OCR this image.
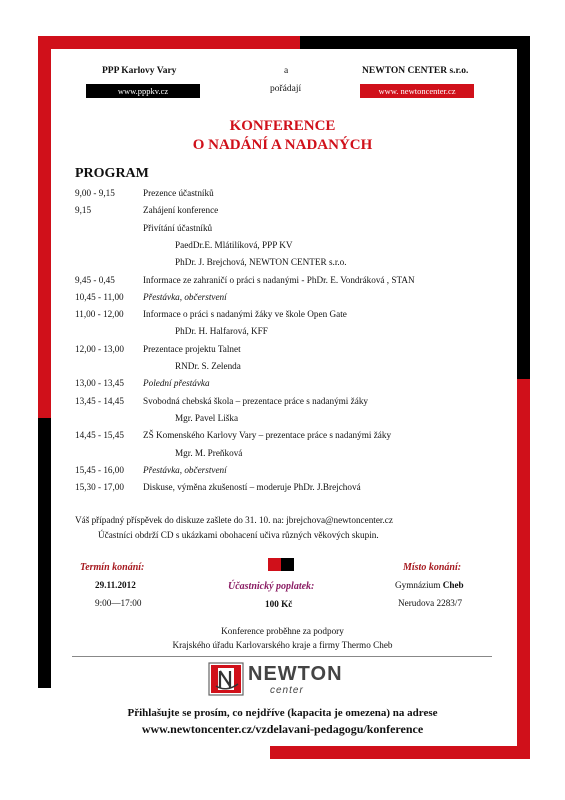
PPP Karlovy Vary	a	NEWTON CENTER s.r.o.
www.pppkv.cz	pořádají	www. newtoncenter.cz
KONFERENCE
O NADÁNÍ A NADANÝCH
PROGRAM
9,00 - 9,15	Prezence účastníků
9,15	Zahájení konference
Přivítání účastníků
PaedDr.E. Mlátilíková, PPP KV
PhDr. J. Brejchová, NEWTON CENTER s.r.o.
9,45 - 0,45	Informace ze zahraničí o práci s nadanými - PhDr. E. Vondráková , STAN
10,45 - 11,00	Přestávka, občerstvení
11,00 - 12,00	Informace o práci s nadanými žáky ve škole Open Gate
PhDr. H. Halfarová, KFF
12,00 - 13,00	Prezentace projektu Talnet
RNDr. S. Zelenda
13,00 - 13,45	Polední přestávka
13,45 - 14,45	Svobodná chebská škola – prezentace práce s nadanými žáky
Mgr. Pavel Liška
14,45 - 15,45	ZŠ Komenského Karlovy Vary – prezentace práce s nadanými žáky
Mgr. M. Preňková
15,45 - 16,00	Přestávka, občerstvení
15,30 - 17,00	Diskuse, výměna zkušeností – moderuje PhDr. J.Brejchová
Váš případný příspěvek do diskuze zašlete do 31. 10. na: jbrejchova@newtoncenter.cz
Účastníci obdrží CD s ukázkami obohacení učiva různých věkových skupin.
Termín konání:
29.11.2012
9:00—17:00
Účastnický poplatek:
100 Kč
Místo konání:
Gymnázium Cheb
Nerudova 2283/7
Konference proběhne za podpory
Krajského úřadu Karlovarského kraje a firmy Thermo Cheb
NEWTON
center
Přihlašujte se prosím, co nejdříve (kapacita je omezena) na adrese
www.newtoncenter.cz/vzdelavani-pedagogu/konference
